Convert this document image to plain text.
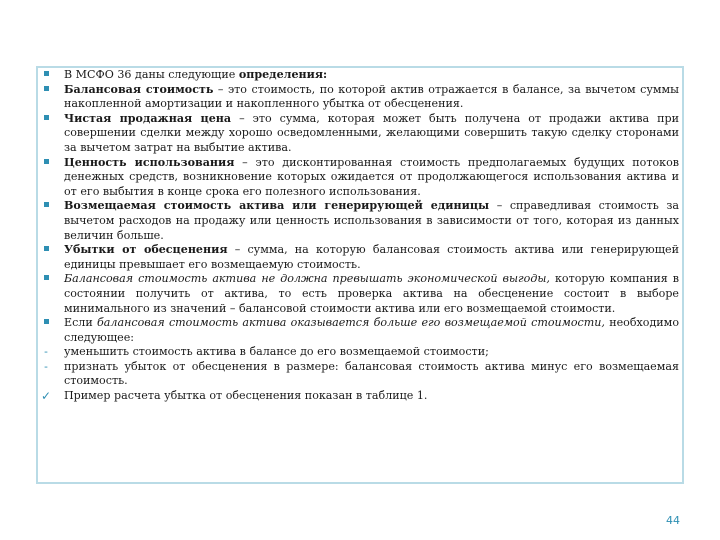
В МСФО 36 даны следующие определения:
Балансовая стоимость – это стоимость, по которой актив отражается в балансе, за вычетом суммы накопленной амортизации и накопленного убытка от обесценения.
Чистая продажная цена – это сумма, которая может быть получена от продажи актива при совершении сделки между хорошо осведомленными, желающими совершить такую сделку сторонами за вычетом затрат на выбытие актива.
Ценность использования – это дисконтированная стоимость предполагаемых будущих потоков денежных средств, возникновение которых ожидается от продолжающегося использования актива и от его выбытия в конце срока его полезного использования.
Возмещаемая стоимость актива или генерирующей единицы – справедливая стоимость за вычетом расходов на продажу или ценность использования в зависимости от того, которая из данных величин больше.
Убытки от обесценения – сумма, на которую балансовая стоимость актива или генерирующей единицы превышает его возмещаемую стоимость.
Балансовая стоимость актива не должна превышать экономической выгоды, которую компания в состоянии получить от актива, то есть проверка актива на обесценение состоит в выборе минимального из значений – балансовой стоимости актива или его возмещаемой стоимости.
Если балансовая стоимость актива оказывается больше его возмещаемой стоимости, необходимо следующее:
-	уменьшить стоимость актива в балансе до его возмещаемой стоимости;
-	признать убыток от обесценения в размере: балансовая стоимость актива минус его возмещаемая стоимость.
✓ Пример расчета убытка от обесценения показан в таблице 1.
44
